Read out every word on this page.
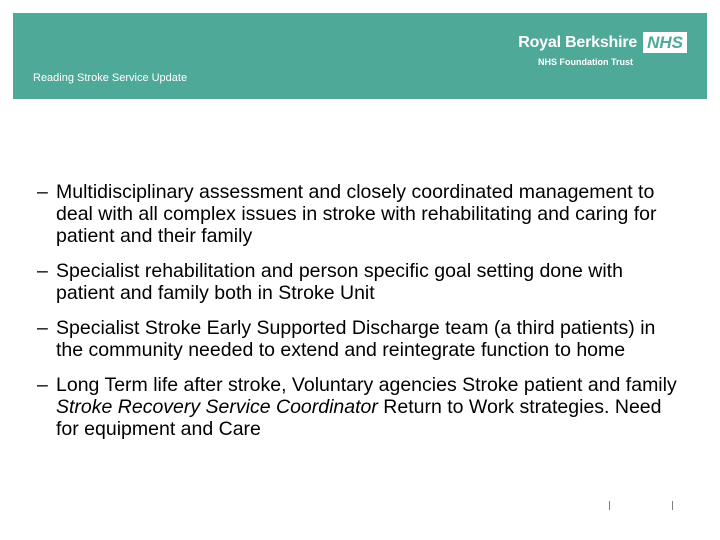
Reading Stroke Service Update
Royal Berkshire NHS
NHS Foundation Trust
– Multidisciplinary assessment and closely coordinated management to deal with all complex issues in stroke with rehabilitating and caring for patient and their family
– Specialist rehabilitation and person specific goal setting done with patient and family both in Stroke Unit
– Specialist Stroke Early Supported Discharge team (a third patients) in the community needed to extend and reintegrate function to home
– Long Term life after stroke, Voluntary agencies Stroke patient and family Stroke Recovery Service Coordinator Return to Work strategies. Need for equipment and Care
